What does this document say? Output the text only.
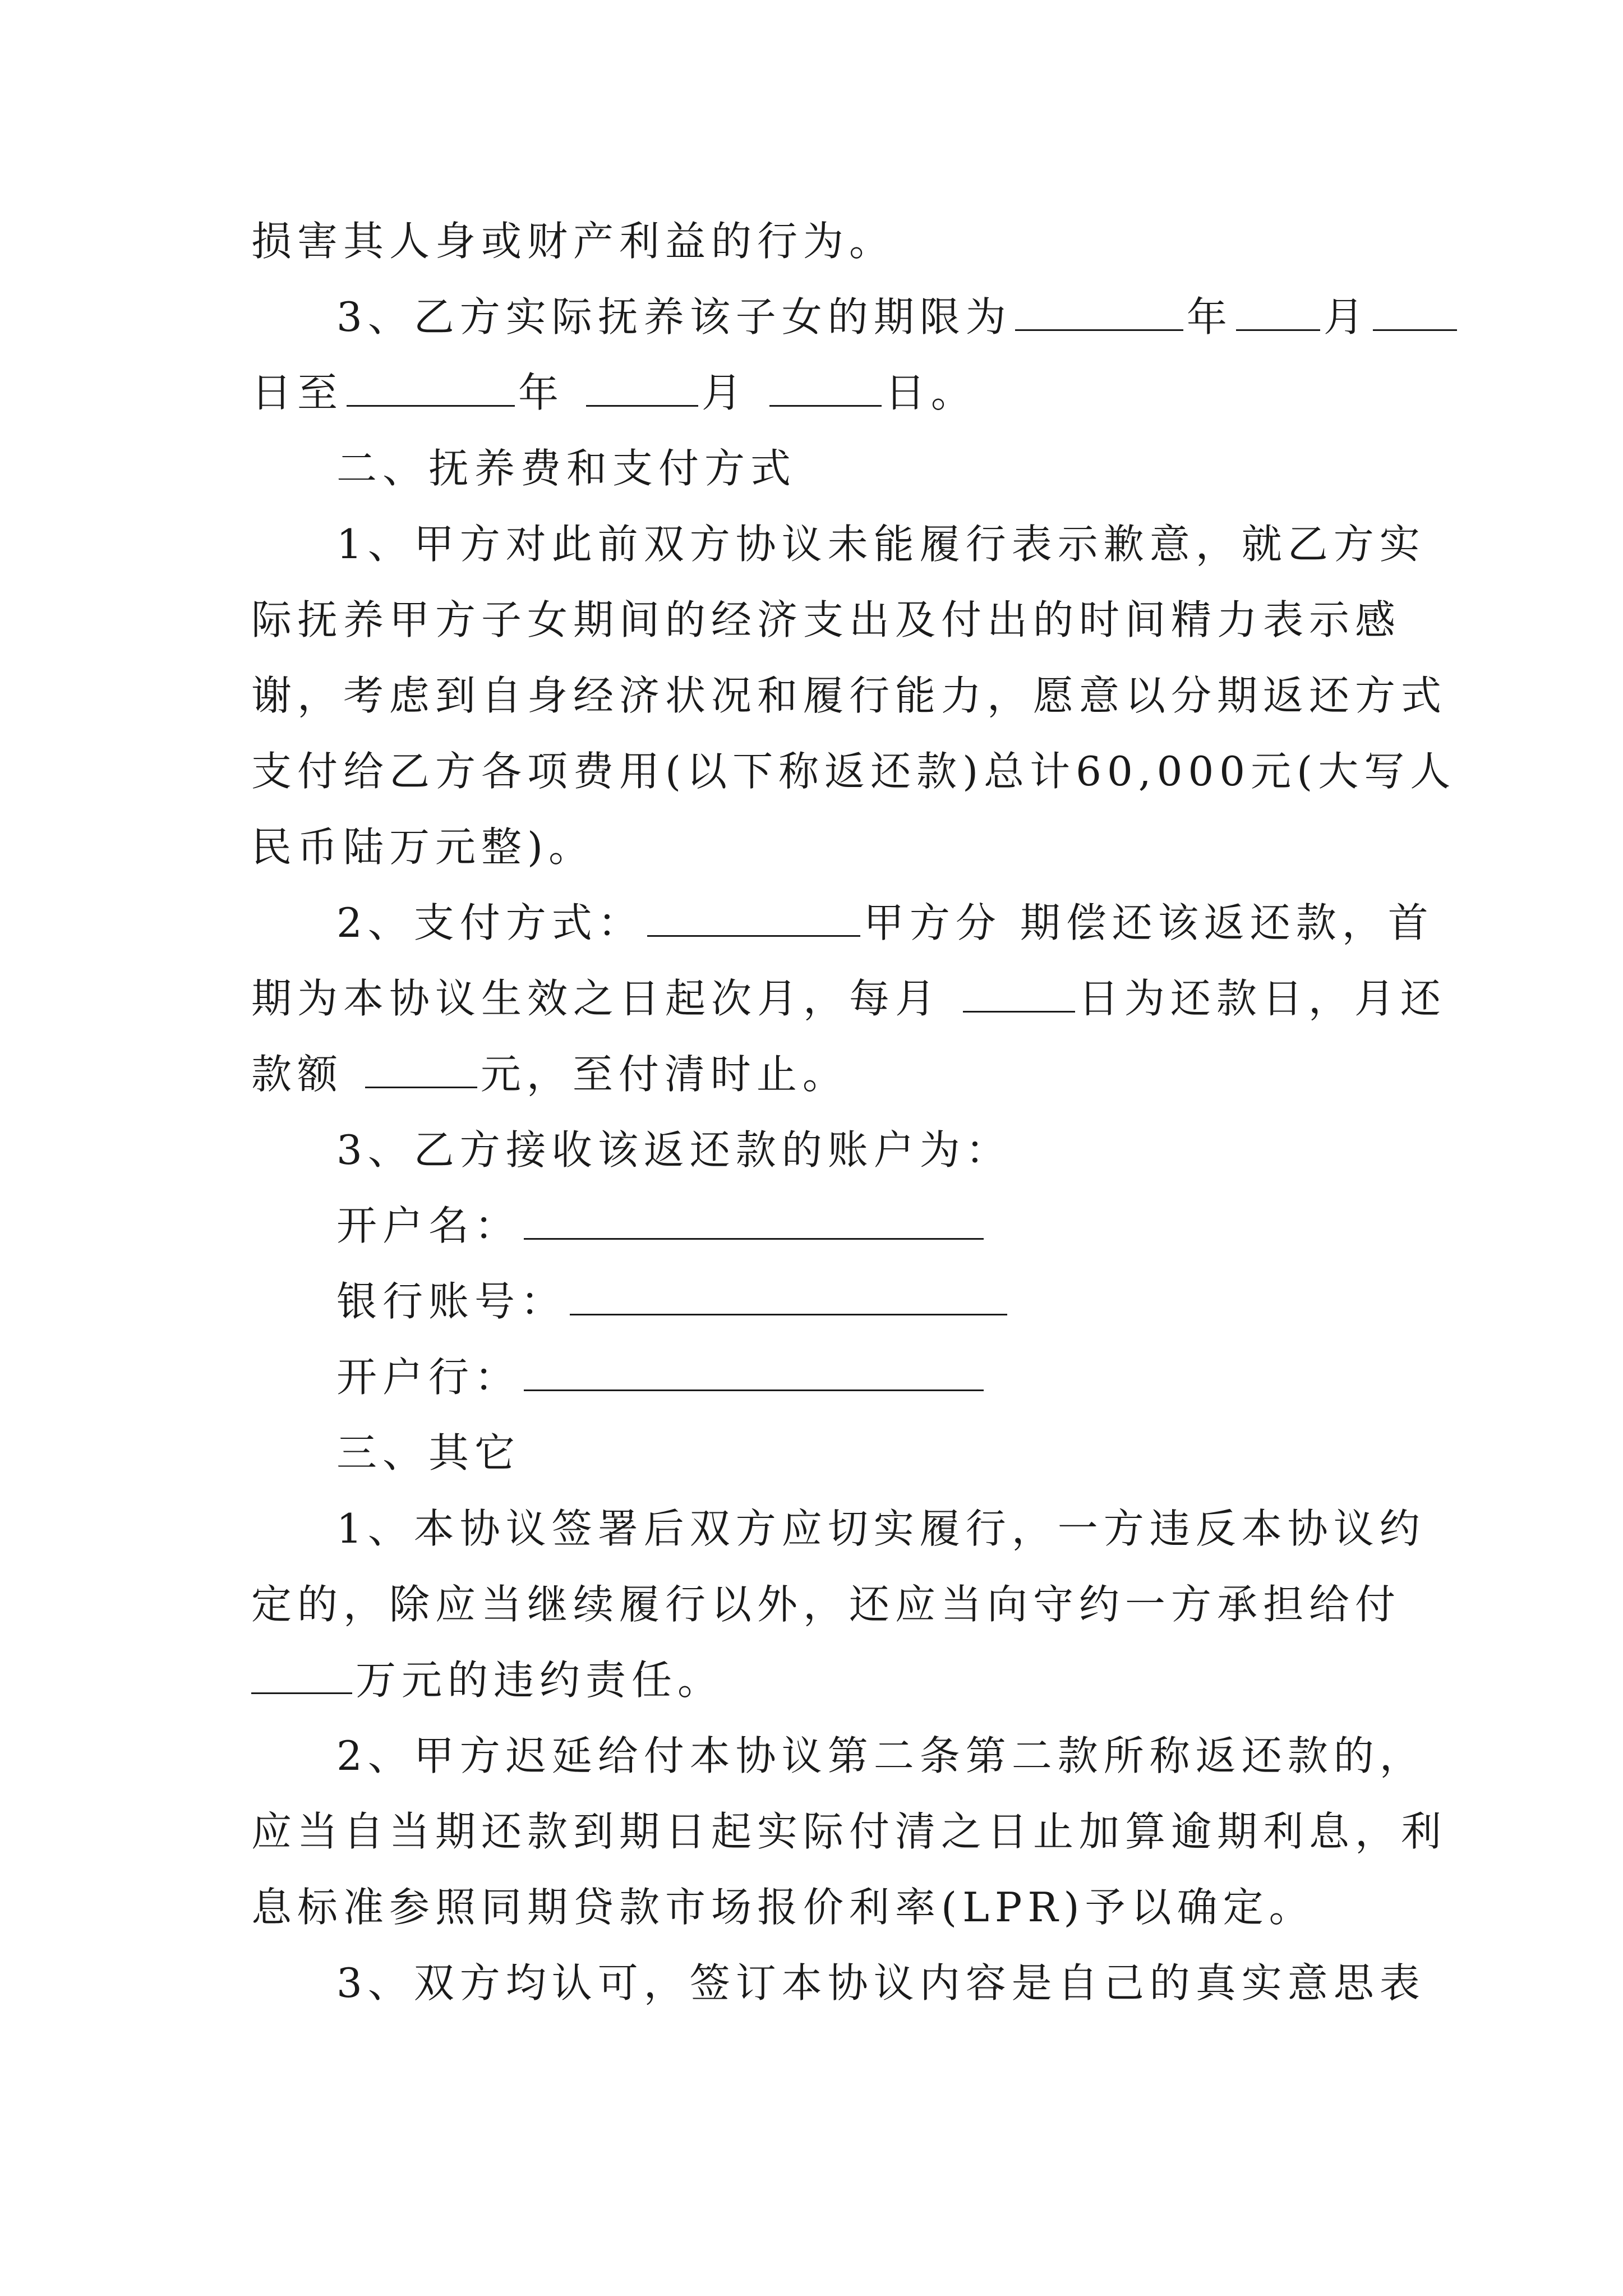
损害其人身或财产利益的行为。
3、乙方实际抚养该子女的期限为	年 月
日至	年	月	日。
二、抚养费和支付方式
1、甲方对此前双方协议未能履行表示歉意，就乙方实
际抚养甲方子女期间的经济支出及付出的时间精力表示感
谢，考虑到自身经济状况和履行能力，愿意以分期返还方式
支付给乙方各项费用(以下称返还款)总计60,000元(大写人
民币陆万元整)。
2、支付方式：	甲方分 期偿还该返还款，首
期为本协议生效之日起次月，每月	日为还款日，月还
款额	元，至付清时止。
3、乙方接收该返还款的账户为：
开户名：
银行账号：
开户行：
三、其它
1、本协议签署后双方应切实履行，一方违反本协议约
定的，除应当继续履行以外，还应当向守约一方承担给付
万元的违约责任。
2、甲方迟延给付本协议第二条第二款所称返还款的，
应当自当期还款到期日起实际付清之日止加算逾期利息，利
息标准参照同期贷款市场报价利率(LPR)予以确定。
3、双方均认可，签订本协议内容是自己的真实意思表
